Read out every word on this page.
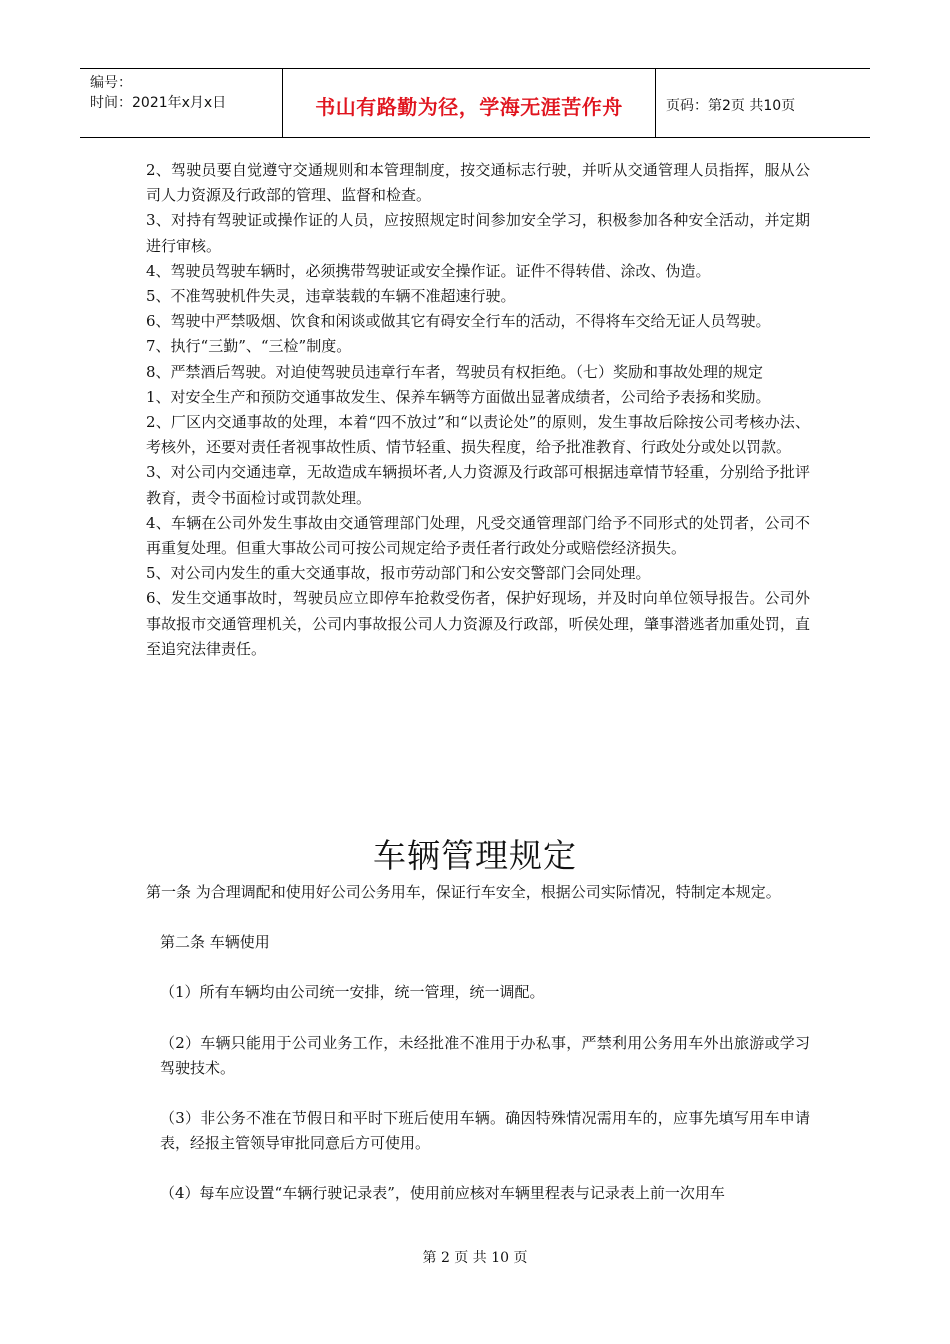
编号：
时间：2021年x月x日	书山有路勤为径，学海无涯苦作舟	页码：第2页 共10页

2、驾驶员要自觉遵守交通规则和本管理制度，按交通标志行驶，并听从交通管理人员指挥，服从公司人力资源及行政部的管理、监督和检查。

3、对持有驾驶证或操作证的人员，应按照规定时间参加安全学习，积极参加各种安全活动，并定期进行审核。

4、驾驶员驾驶车辆时，必须携带驾驶证或安全操作证。证件不得转借、涂改、伪造。

5、不准驾驶机件失灵，违章装载的车辆不准超速行驶。

6、驾驶中严禁吸烟、饮食和闲谈或做其它有碍安全行车的活动，不得将车交给无证人员驾驶。

7、执行“三勤”、“三检”制度。

8、严禁酒后驾驶。对迫使驾驶员违章行车者，驾驶员有权拒绝。（七）奖励和事故处理的规定

1、对安全生产和预防交通事故发生、保养车辆等方面做出显著成绩者，公司给予表扬和奖励。

2、厂区内交通事故的处理，本着“四不放过”和“以责论处”的原则，发生事故后除按公司考核办法、考核外，还要对责任者视事故性质、情节轻重、损失程度，给予批准教育、行政处分或处以罚款。

3、对公司内交通违章，无故造成车辆损坏者,人力资源及行政部可根据违章情节轻重，分别给予批评教育，责令书面检讨或罚款处理。

4、车辆在公司外发生事故由交通管理部门处理，凡受交通管理部门给予不同形式的处罚者，公司不再重复处理。但重大事故公司可按公司规定给予责任者行政处分或赔偿经济损失。

5、对公司内发生的重大交通事故，报市劳动部门和公安交警部门会同处理。

6、发生交通事故时，驾驶员应立即停车抢救受伤者，保护好现场，并及时向单位领导报告。公司外事故报市交通管理机关，公司内事故报公司人力资源及行政部，听侯处理，肇事潜逃者加重处罚，直至追究法律责任。

车辆管理规定

第一条 为合理调配和使用好公司公务用车，保证行车安全，根据公司实际情况，特制定本规定。

第二条 车辆使用

（1）所有车辆均由公司统一安排，统一管理，统一调配。

（2）车辆只能用于公司业务工作，未经批准不准用于办私事，严禁利用公务用车外出旅游或学习驾驶技术。

（3）非公务不准在节假日和平时下班后使用车辆。确因特殊情况需用车的，应事先填写用车申请表，经报主管领导审批同意后方可使用。

（4）每车应设置“车辆行驶记录表”，使用前应核对车辆里程表与记录表上前一次用车

第 2 页 共 10 页
